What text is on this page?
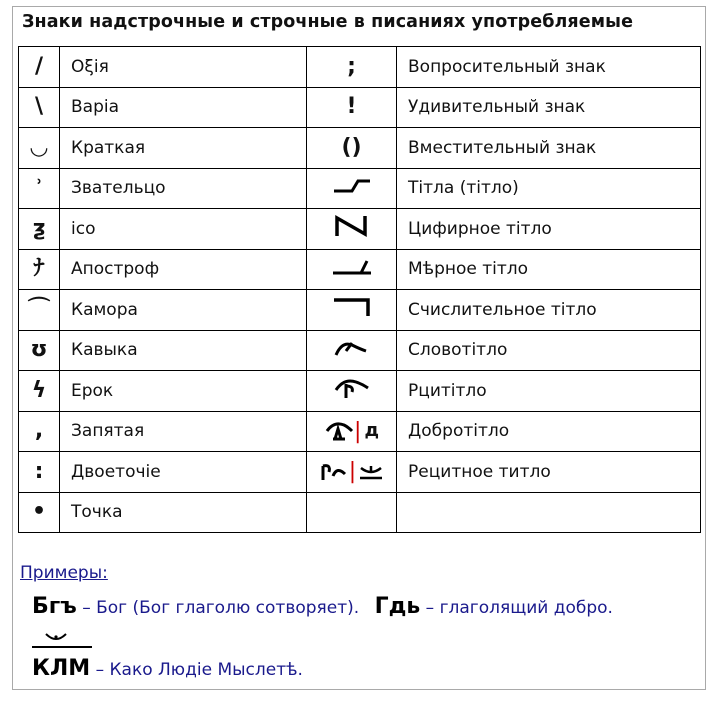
Знаки надстрочные и строчные в писаниях употребляемые
/	Оξія	;	Вопросительный знак
\	Варіа	!	Удивительный знак
◡	Краткая	()	Вместительный знак
ʾ	Звательцо		Тітла (тітло)
ƺ	ісо		Цифирное тітло
ﾅ	Апостроф		Мѣрное тітло
⌒	Камора		Счислительное тітло
ʊ	Кавыка		Словотітло
ϟ	Ерок		Рцитітло
,	Запятая	| д	Добротітло
:	Двоеточіе	|	Рецитное титло
•	Точка		
Примеры:
Бгъ – Бог (Бог глаголю сотворяет). Гдь – глаголящий добро.
КЛМ – Како Людіе Мыслетѣ.
